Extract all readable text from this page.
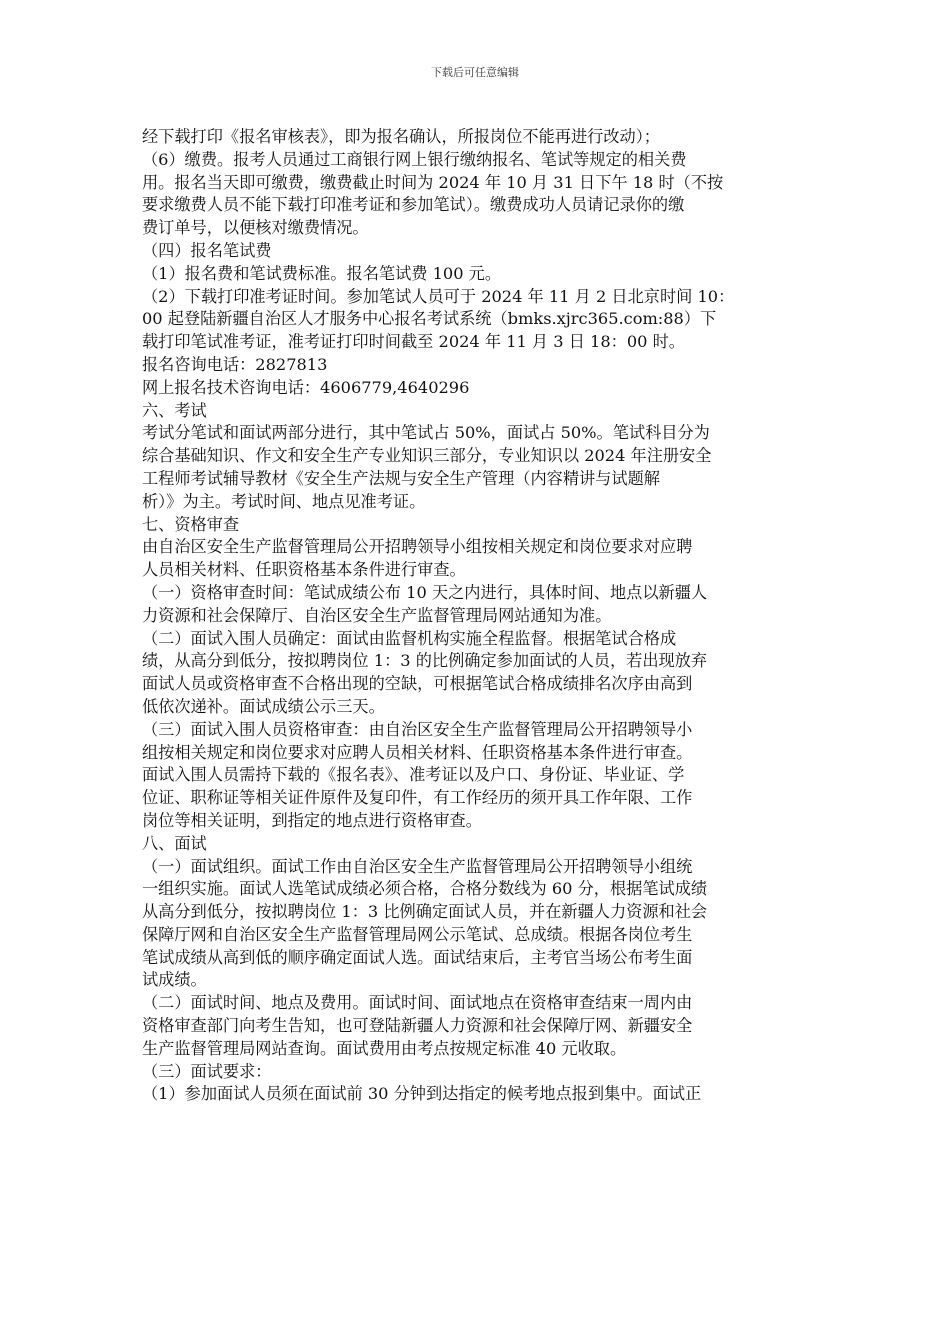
下载后可任意编辑
经下载打印《报名审核表》，即为报名确认，所报岗位不能再进行改动）；
（6）缴费。报考人员通过工商银行网上银行缴纳报名、笔试等规定的相关费
用。报名当天即可缴费，缴费截止时间为 2024 年 10 月 31 日下午 18 时（不按
要求缴费人员不能下载打印准考证和参加笔试）。缴费成功人员请记录你的缴
费订单号，以便核对缴费情况。
（四）报名笔试费
（1）报名费和笔试费标准。报名笔试费 100 元。
（2）下载打印准考证时间。参加笔试人员可于 2024 年 11 月 2 日北京时间 10：
00 起登陆新疆自治区人才服务中心报名考试系统（bmks.xjrc365.com:88）下
载打印笔试准考证，准考证打印时间截至 2024 年 11 月 3 日 18：00 时。
报名咨询电话：2827813
网上报名技术咨询电话：4606779,4640296
六、考试
考试分笔试和面试两部分进行，其中笔试占 50%，面试占 50%。笔试科目分为
综合基础知识、作文和安全生产专业知识三部分，专业知识以 2024 年注册安全
工程师考试辅导教材《安全生产法规与安全生产管理（内容精讲与试题解
析）》为主。考试时间、地点见准考证。
七、资格审查
由自治区安全生产监督管理局公开招聘领导小组按相关规定和岗位要求对应聘
人员相关材料、任职资格基本条件进行审查。
（一）资格审查时间：笔试成绩公布 10 天之内进行，具体时间、地点以新疆人
力资源和社会保障厅、自治区安全生产监督管理局网站通知为准。
（二）面试入围人员确定：面试由监督机构实施全程监督。根据笔试合格成
绩，从高分到低分，按拟聘岗位 1：3 的比例确定参加面试的人员，若出现放弃
面试人员或资格审查不合格出现的空缺，可根据笔试合格成绩排名次序由高到
低依次递补。面试成绩公示三天。
（三）面试入围人员资格审查：由自治区安全生产监督管理局公开招聘领导小
组按相关规定和岗位要求对应聘人员相关材料、任职资格基本条件进行审查。
面试入围人员需持下载的《报名表》、准考证以及户口、身份证、毕业证、学
位证、职称证等相关证件原件及复印件，有工作经历的须开具工作年限、工作
岗位等相关证明，到指定的地点进行资格审查。
八、面试
（一）面试组织。面试工作由自治区安全生产监督管理局公开招聘领导小组统
一组织实施。面试人选笔试成绩必须合格，合格分数线为 60 分，根据笔试成绩
从高分到低分，按拟聘岗位 1：3 比例确定面试人员，并在新疆人力资源和社会
保障厅网和自治区安全生产监督管理局网公示笔试、总成绩。根据各岗位考生
笔试成绩从高到低的顺序确定面试人选。面试结束后，主考官当场公布考生面
试成绩。
（二）面试时间、地点及费用。面试时间、面试地点在资格审查结束一周内由
资格审查部门向考生告知，也可登陆新疆人力资源和社会保障厅网、新疆安全
生产监督管理局网站查询。面试费用由考点按规定标准 40 元收取。
（三）面试要求：
（1）参加面试人员须在面试前 30 分钟到达指定的候考地点报到集中。面试正
